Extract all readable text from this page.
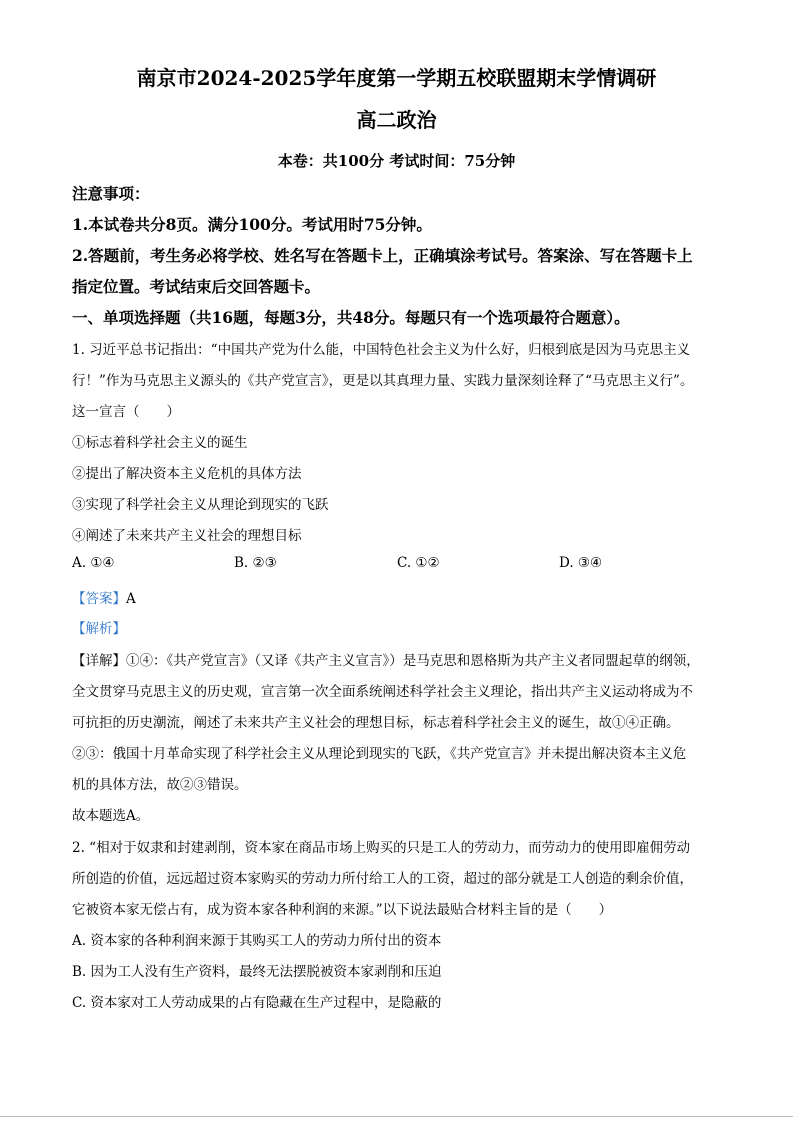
南京市2024-2025学年度第一学期五校联盟期末学情调研
高二政治
本卷：共100分 考试时间：75分钟
注意事项：
1.本试卷共分8页。满分100分。考试用时75分钟。
2.答题前，考生务必将学校、姓名写在答题卡上，正确填涂考试号。答案涂、写在答题卡上
指定位置。考试结束后交回答题卡。
一、单项选择题（共16题，每题3分，共48分。每题只有一个选项最符合题意）。
1. 习近平总书记指出：“中国共产党为什么能，中国特色社会主义为什么好，归根到底是因为马克思主义
行！”作为马克思主义源头的《共产党宣言》，更是以其真理力量、实践力量深刻诠释了“马克思主义行”。
这一宣言（　　）
①标志着科学社会主义的诞生
②提出了解决资本主义危机的具体方法
③实现了科学社会主义从理论到现实的飞跃
④阐述了未来共产主义社会的理想目标
A. ①④	B. ②③	C. ①②	D. ③④
【答案】A
【解析】
【详解】①④：《共产党宣言》（又译《共产主义宣言》）是马克思和恩格斯为共产主义者同盟起草的纲领，
全文贯穿马克思主义的历史观，宣言第一次全面系统阐述科学社会主义理论，指出共产主义运动将成为不
可抗拒的历史潮流，阐述了未来共产主义社会的理想目标，标志着科学社会主义的诞生，故①④正确。
②③：俄国十月革命实现了科学社会主义从理论到现实的飞跃，《共产党宣言》并未提出解决资本主义危
机的具体方法，故②③错误。
故本题选A。
2. “相对于奴隶和封建剥削，资本家在商品市场上购买的只是工人的劳动力，而劳动力的使用即雇佣劳动
所创造的价值，远远超过资本家购买的劳动力所付给工人的工资，超过的部分就是工人创造的剩余价值，
它被资本家无偿占有，成为资本家各种利润的来源。”以下说法最贴合材料主旨的是（　　）
A. 资本家的各种利润来源于其购买工人的劳动力所付出的资本
B. 因为工人没有生产资料，最终无法摆脱被资本家剥削和压迫
C. 资本家对工人劳动成果的占有隐藏在生产过程中，是隐蔽的
